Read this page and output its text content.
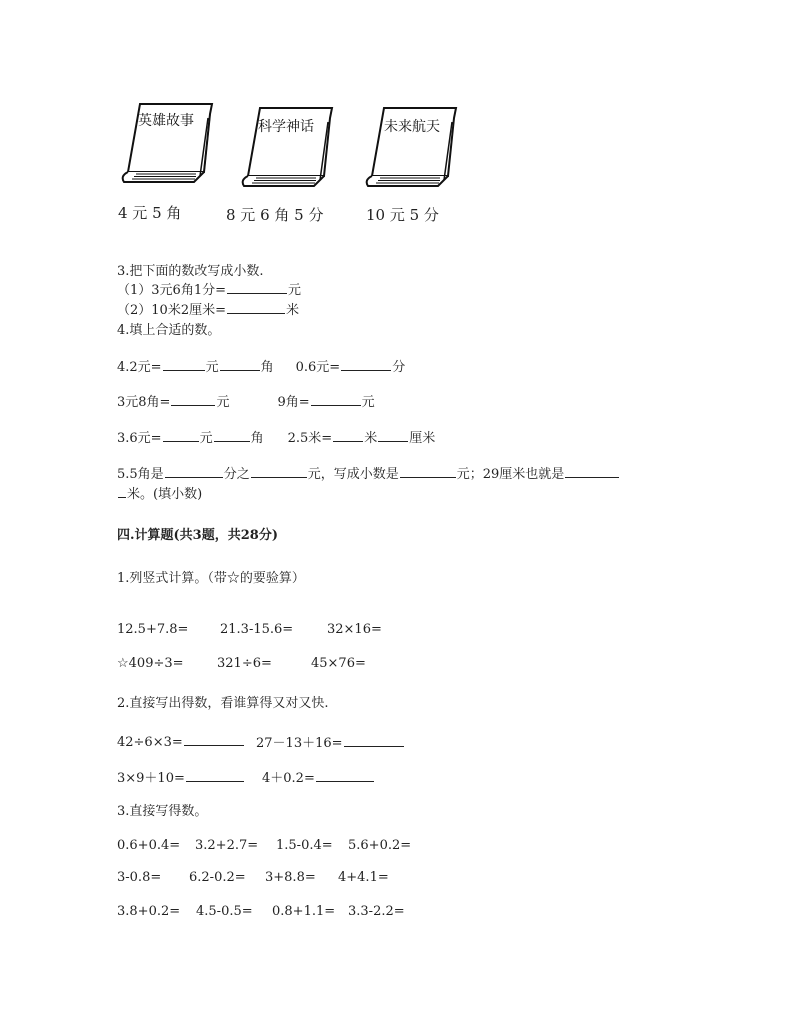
英雄故事
4 元 5 角
科学神话
8 元 6 角 5 分
未来航天
10 元 5 分
3.把下面的数改写成小数.
（1）3元6角1分=	元
（2）10米2厘米=	米
4.填上合适的数。
4.2元=	元	角 0.6元=	分
3元8角=	元	9角=	元
3.6元=	元	角 2.5米= 米 厘米
5.5角是	分之	元，写成小数是	元；29厘米也就是
米。(填小数)
四.计算题(共3题，共28分)
1.列竖式计算。（带☆的要验算）
12.5+7.8= 21.3-15.6=	32×16=
☆409÷3=	321÷6=	45×76=
2.直接写出得数，看谁算得又对又快.
42÷6×3=	27－13＋16=
3×9＋10=	4＋0.2=
3.直接写得数。
0.6+0.4= 3.2+2.7= 1.5-0.4= 5.6+0.2=
3-0.8= 6.2-0.2= 3+8.8= 4+4.1=
3.8+0.2= 4.5-0.5= 0.8+1.1= 3.3-2.2=
